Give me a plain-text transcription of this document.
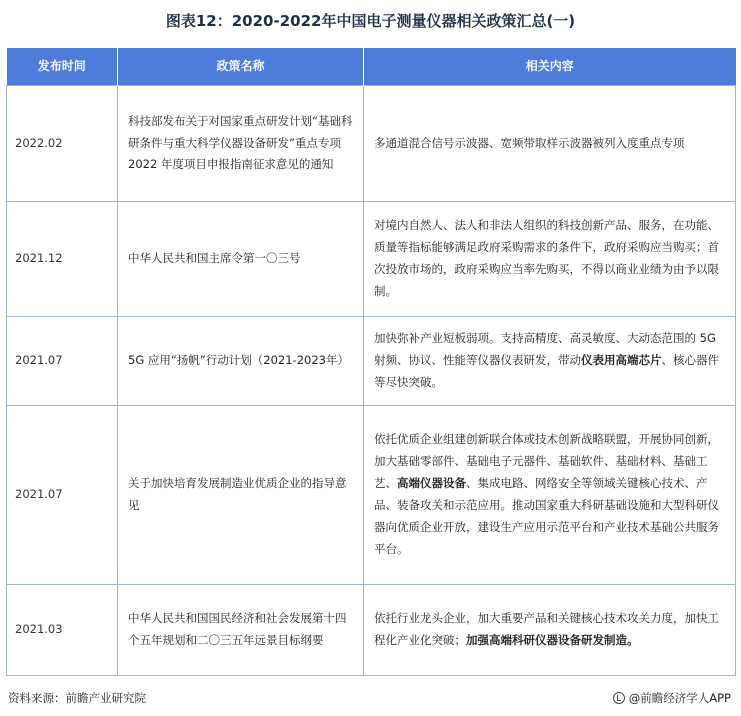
图表12：2020-2022年中国电子测量仪器相关政策汇总(一)
发布时间	政策名称	相关内容
2022.02	科技部发布关于对国家重点研发计划“基础科研条件与重大科学仪器设备研发”重点专项 2022 年度项目申报指南征求意见的通知	多通道混合信号示波器、宽频带取样示波器被列入度重点专项
2021.12	中华人民共和国主席令第一〇三号	对境内自然人、法人和非法人组织的科技创新产品、服务，在功能、质量等指标能够满足政府采购需求的条件下，政府采购应当购买；首次投放市场的，政府采购应当率先购买，不得以商业业绩为由予以限制。
2021.07	5G 应用“扬帆”行动计划（2021-2023年）	加快弥补产业短板弱项。支持高精度、高灵敏度、大动态范围的 5G 射频、协议、性能等仪器仪表研发，带动仪表用高端芯片、核心器件等尽快突破。
2021.07	关于加快培育发展制造业优质企业的指导意见	依托优质企业组建创新联合体或技术创新战略联盟，开展协同创新，加大基础零部件、基础电子元器件、基础软件、基础材料、基础工艺、高端仪器设备、集成电路、网络安全等领域关键核心技术、产品、装备攻关和示范应用。推动国家重大科研基础设施和大型科研仪器向优质企业开放，建设生产应用示范平台和产业技术基础公共服务平台。
2021.03	中华人民共和国国民经济和社会发展第十四个五年规划和二〇三五年远景目标纲要	依托行业龙头企业，加大重要产品和关键核心技术攻关力度，加快工程化产业化突破；加强高端科研仪器设备研发制造。
资料来源：前瞻产业研究院	@前瞻经济学人APP
